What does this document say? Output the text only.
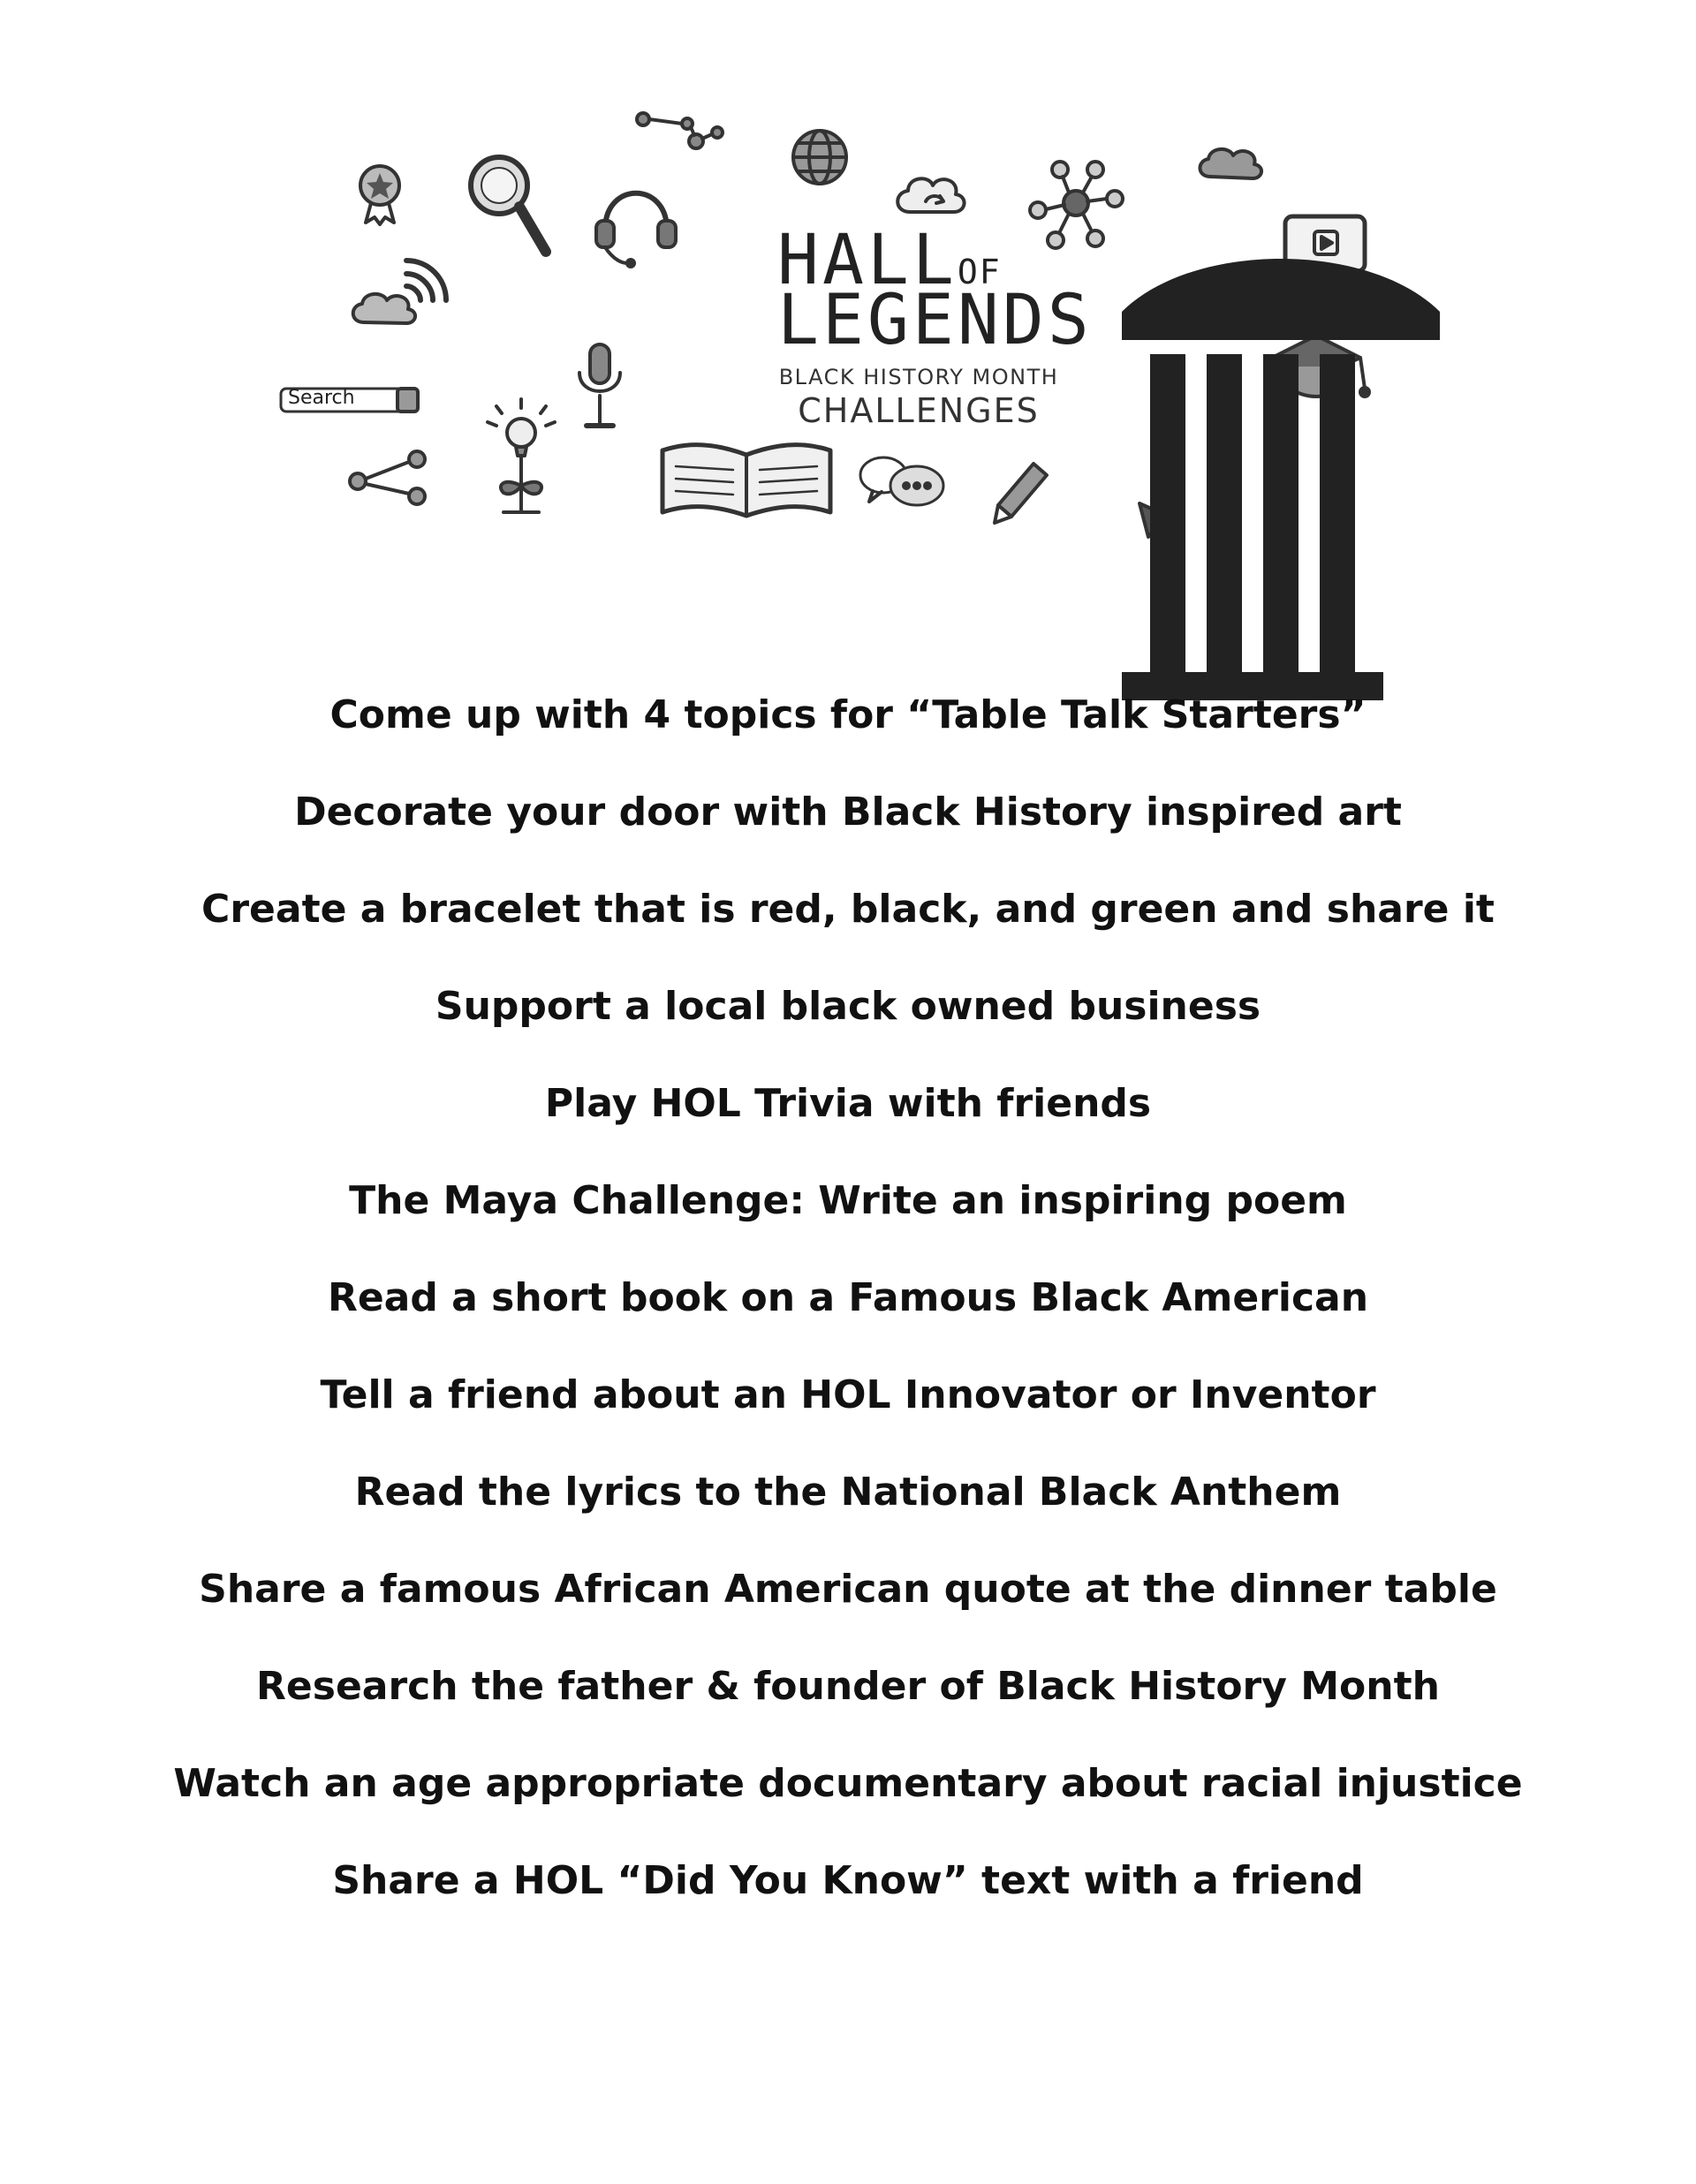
Search
HALLOF
LEGENDS
BLACK HISTORY MONTH
CHALLENGES
Come up with 4 topics for “Table Talk Starters”
Decorate your door with Black History inspired art
Create a bracelet that is red, black, and green and share it
Support a local black owned business
Play HOL Trivia with friends
The Maya Challenge: Write an inspiring poem
Read a short book on a Famous Black American
Tell a friend about an HOL Innovator or Inventor
Read the lyrics to the National Black Anthem
Share a famous African American quote at the dinner table
Research the father & founder of Black History Month
Watch an age appropriate documentary about racial injustice
Share a HOL “Did You Know” text with a friend
